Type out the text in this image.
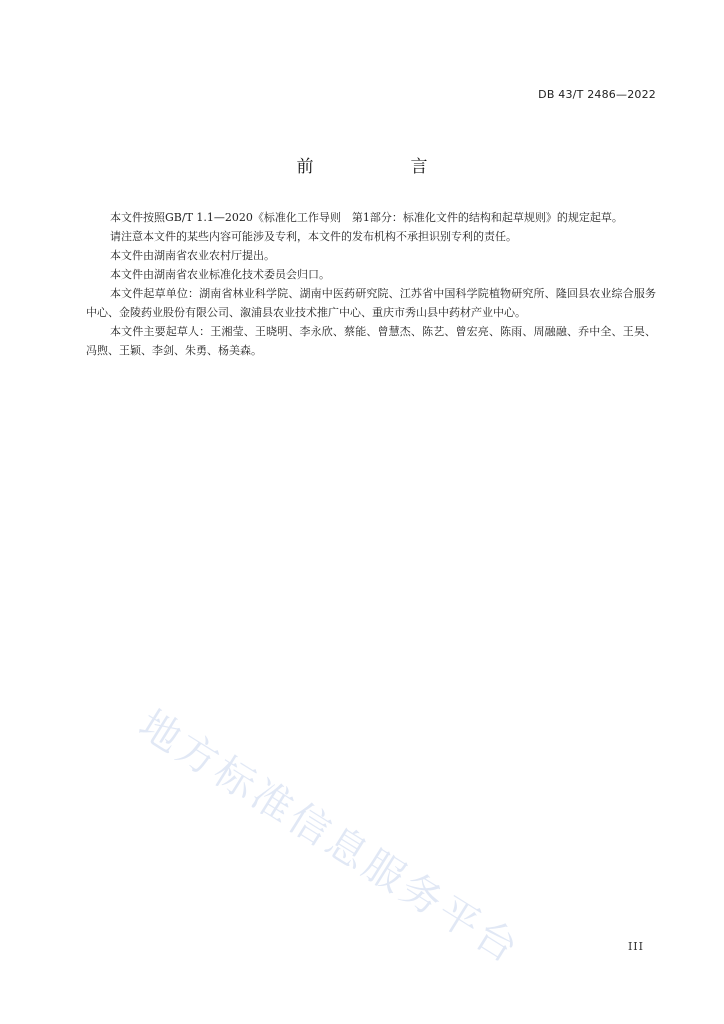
DB 43/T 2486—2022
前　言

本文件按照GB/T 1.1—2020《标准化工作导则　第1部分：标准化文件的结构和起草规则》的规定起草。

请注意本文件的某些内容可能涉及专利，本文件的发布机构不承担识别专利的责任。

本文件由湖南省农业农村厅提出。

本文件由湖南省农业标准化技术委员会归口。

本文件起草单位：湖南省林业科学院、湖南中医药研究院、江苏省中国科学院植物研究所、隆回县农业综合服务中心、金陵药业股份有限公司、溆浦县农业技术推广中心、重庆市秀山县中药材产业中心。

本文件主要起草人：王湘莹、王晓明、李永欣、蔡能、曾慧杰、陈艺、曾宏亮、陈雨、周融融、乔中全、王昊、冯煦、王颖、李剑、朱勇、杨美森。

地方标准信息服务平台	III
